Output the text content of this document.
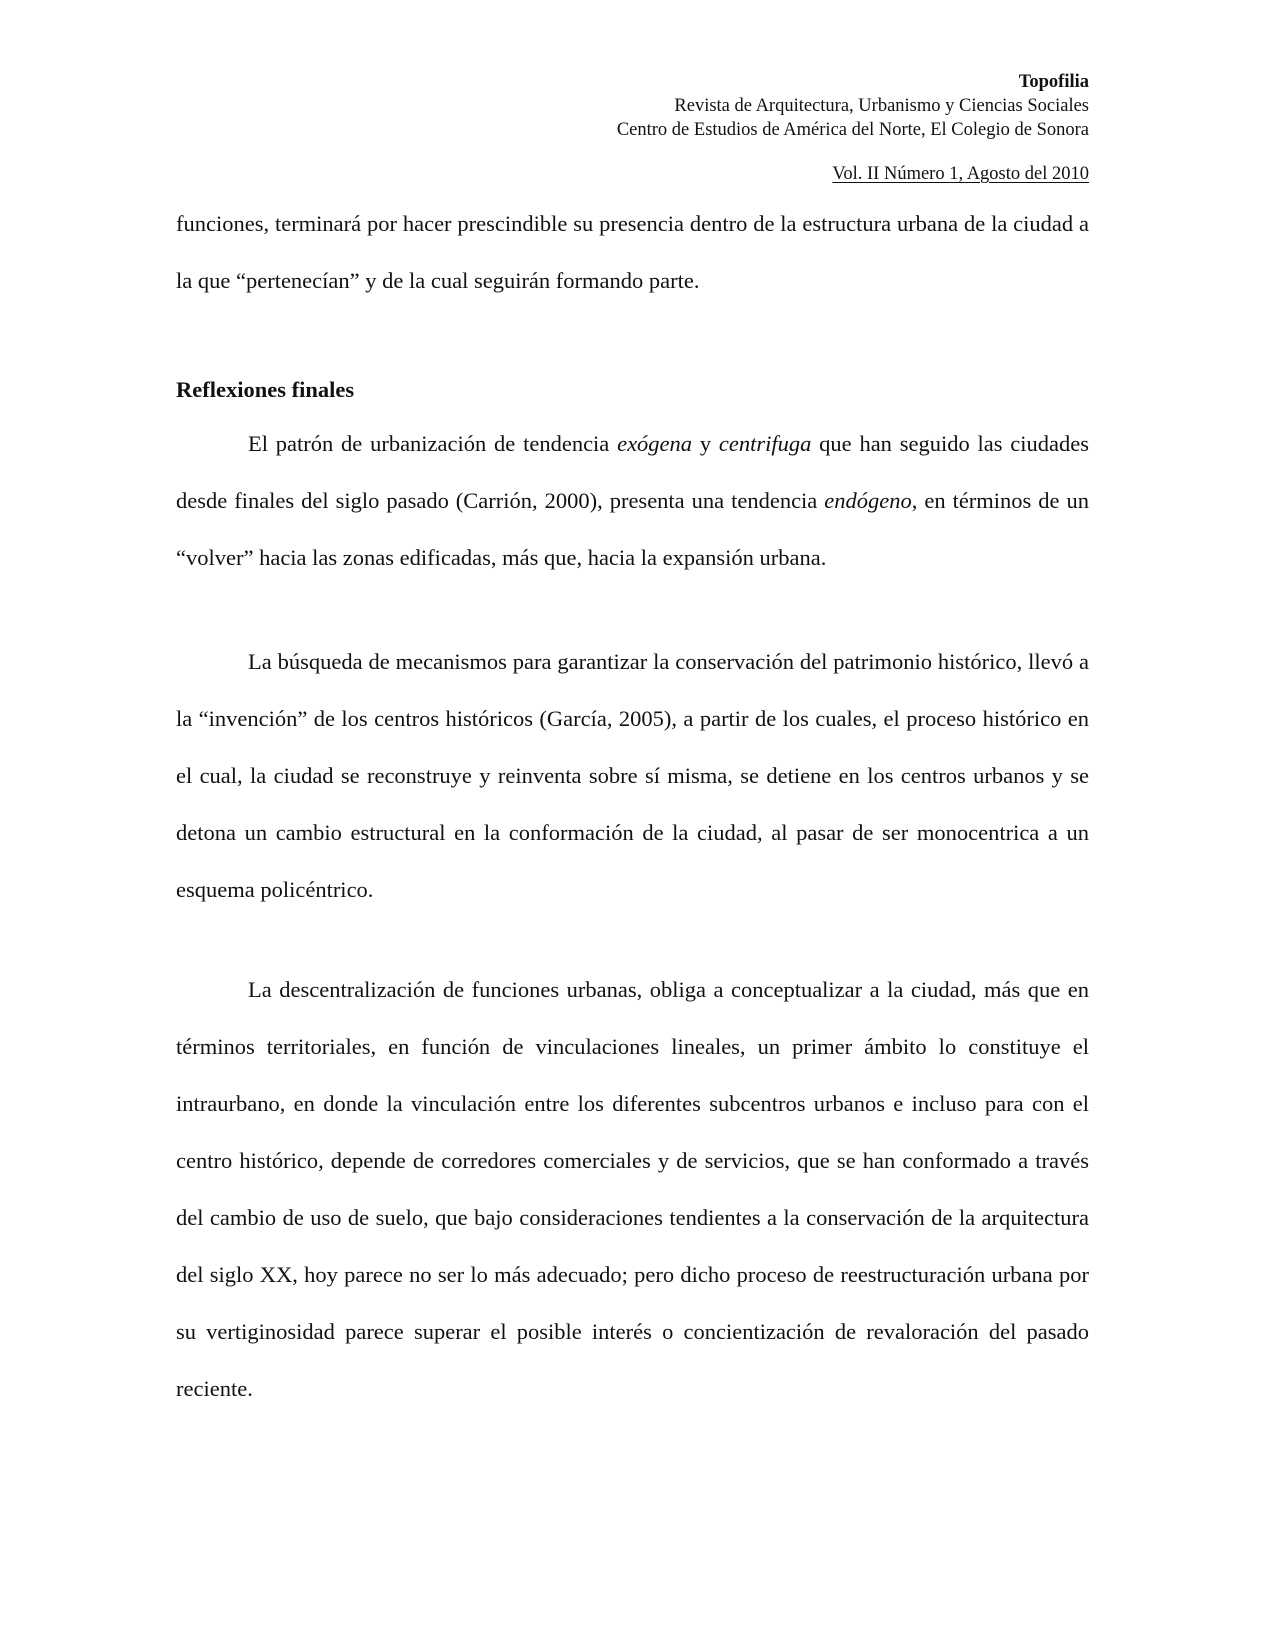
Topofilia
Revista de Arquitectura, Urbanismo y Ciencias Sociales
Centro de Estudios de América del Norte, El Colegio de Sonora
Vol. II Número 1, Agosto del 2010

funciones, terminará por hacer prescindible su presencia dentro de la estructura urbana de la ciudad a la que “pertenecían” y de la cual seguirán formando parte.

Reflexiones finales

El patrón de urbanización de tendencia exógena y centrifuga que han seguido las ciudades desde finales del siglo pasado (Carrión, 2000), presenta una tendencia endógeno, en términos de un “volver” hacia las zonas edificadas, más que, hacia la expansión urbana.

La búsqueda de mecanismos para garantizar la conservación del patrimonio histórico, llevó a la “invención” de los centros históricos (García, 2005), a partir de los cuales, el proceso histórico en el cual, la ciudad se reconstruye y reinventa sobre sí misma, se detiene en los centros urbanos y se detona un cambio estructural en la conformación de la ciudad, al pasar de ser monocentrica a un esquema policéntrico.

La descentralización de funciones urbanas, obliga a conceptualizar a la ciudad, más que en términos territoriales, en función de vinculaciones lineales, un primer ámbito lo constituye el intraurbano, en donde la vinculación entre los diferentes subcentros urbanos e incluso para con el centro histórico, depende de corredores comerciales y de servicios, que se han conformado a través del cambio de uso de suelo, que bajo consideraciones tendientes a la conservación de la arquitectura del siglo XX, hoy parece no ser lo más adecuado; pero dicho proceso de reestructuración urbana por su vertiginosidad parece superar el posible interés o concientización de revaloración del pasado reciente.
